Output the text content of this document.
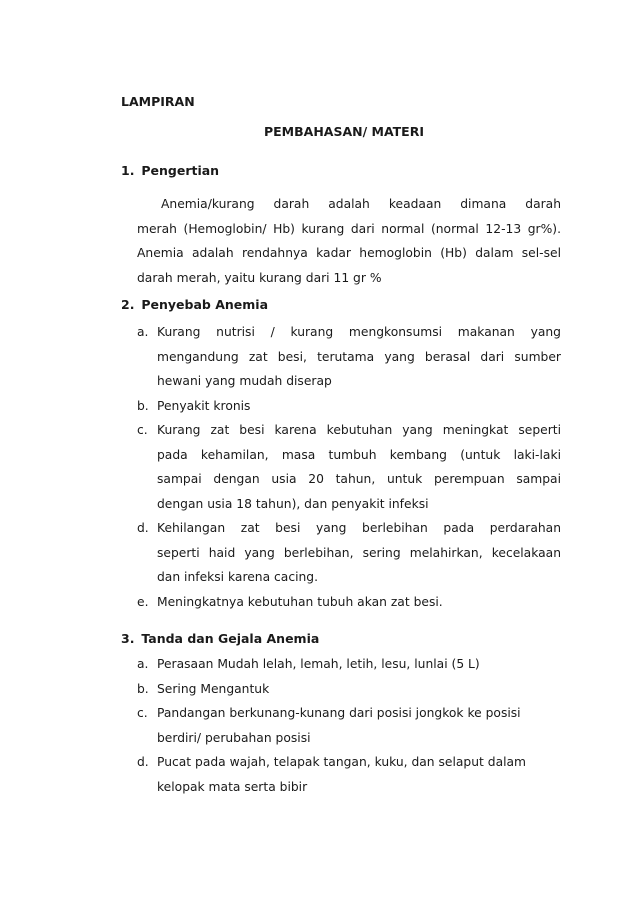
LAMPIRAN
PEMBAHASAN/ MATERI
1. Pengertian
Anemia/kurang darah adalah keadaan dimana darah
merah (Hemoglobin/ Hb) kurang dari normal (normal 12-13 gr%).
Anemia adalah rendahnya kadar hemoglobin (Hb) dalam sel-sel
darah merah, yaitu kurang dari 11 gr %
2. Penyebab Anemia
a. Kurang nutrisi / kurang mengkonsumsi makanan yang
mengandung zat besi, terutama yang berasal dari sumber
hewani yang mudah diserap
b. Penyakit kronis
c. Kurang zat besi karena kebutuhan yang meningkat seperti
pada kehamilan, masa tumbuh kembang (untuk laki-laki
sampai dengan usia 20 tahun, untuk perempuan sampai
dengan usia 18 tahun), dan penyakit infeksi
d. Kehilangan zat besi yang berlebihan pada perdarahan
seperti haid yang berlebihan, sering melahirkan, kecelakaan
dan infeksi karena cacing.
e. Meningkatnya kebutuhan tubuh akan zat besi.
3. Tanda dan Gejala Anemia
a. Perasaan Mudah lelah, lemah, letih, lesu, lunlai (5 L)
b. Sering Mengantuk
c. Pandangan berkunang-kunang dari posisi jongkok ke posisi
berdiri/ perubahan posisi
d. Pucat pada wajah, telapak tangan, kuku, dan selaput dalam
kelopak mata serta bibir
